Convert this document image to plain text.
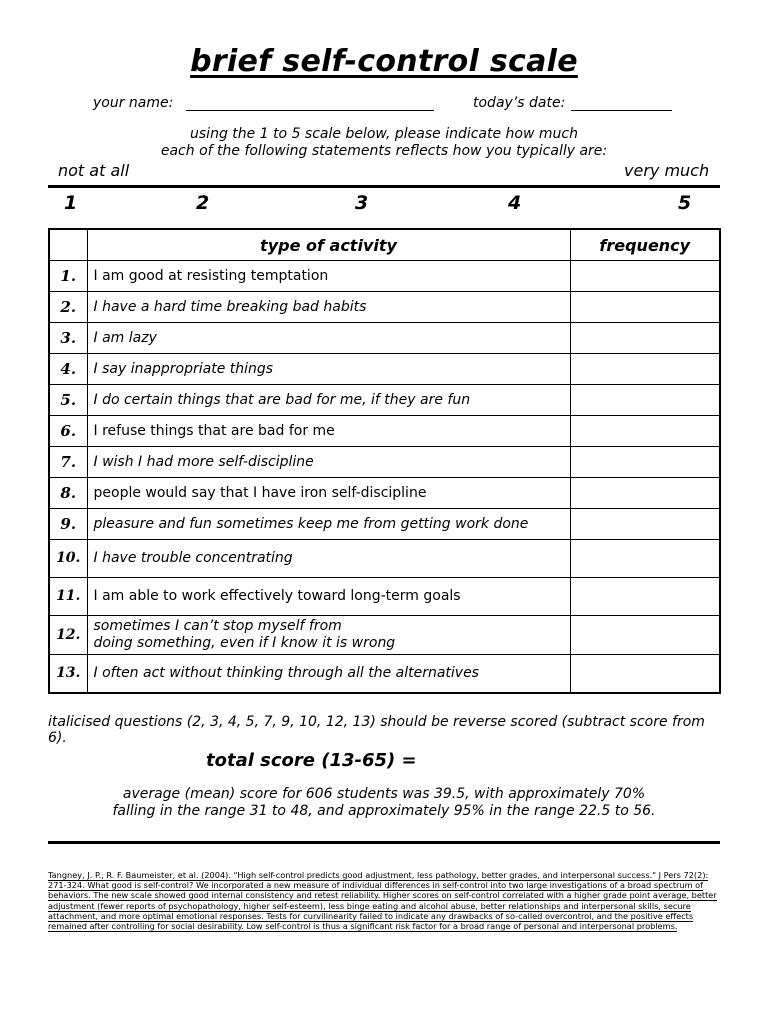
brief self-control scale
your name:	today’s date:
using the 1 to 5 scale below, please indicate how much
each of the following statements reflects how you typically are:
not at all	very much
1	2	3	4	5
	type of activity	frequency
1.	I am good at resisting temptation	
2.	I have a hard time breaking bad habits	
3.	I am lazy	
4.	I say inappropriate things	
5.	I do certain things that are bad for me, if they are fun	
6.	I refuse things that are bad for me	
7.	I wish I had more self-discipline	
8.	people would say that I have iron self-discipline	
9.	pleasure and fun sometimes keep me from getting work done	
10.	I have trouble concentrating	
11.	I am able to work effectively toward long-term goals	
12.	sometimes I can’t stop myself from
doing something, even if I know it is wrong	

13.	I often act without thinking through all the alternatives	
italicised questions (2, 3, 4, 5, 7, 9, 10, 12, 13) should be reverse scored (subtract score from 6).
total score (13-65) =
average (mean) score for 606 students was 39.5, with approximately 70%
falling in the range 31 to 48, and approximately 95% in the range 22.5 to 56.
Tangney, J. P., R. F. Baumeister, et al. (2004). "High self-control predicts good adjustment, less pathology, better grades, and interpersonal success." J Pers 72(2): 271-324. What good is self-control? We incorporated a new measure of individual differences in self-control into two large investigations of a broad spectrum of behaviors. The new scale showed good internal consistency and retest reliability. Higher scores on self-control correlated with a higher grade point average, better adjustment (fewer reports of psychopathology, higher self-esteem), less binge eating and alcohol abuse, better relationships and interpersonal skills, secure attachment, and more optimal emotional responses. Tests for curvilinearity failed to indicate any drawbacks of so-called overcontrol, and the positive effects remained after controlling for social desirability. Low self-control is thus a significant risk factor for a broad range of personal and interpersonal problems.
